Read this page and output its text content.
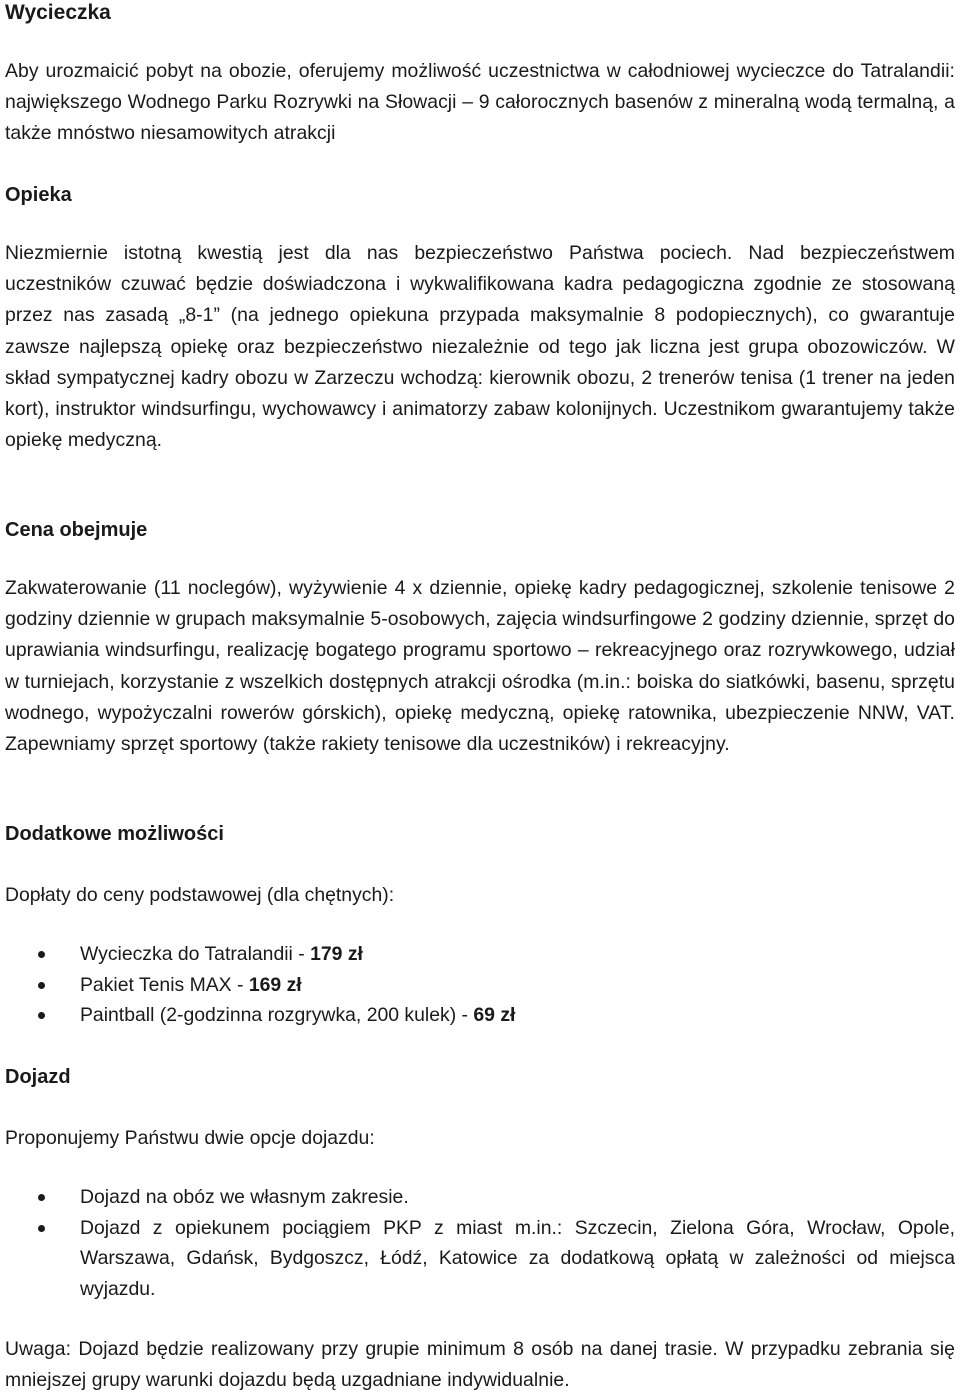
Wycieczka

Aby urozmaicić pobyt na obozie, oferujemy możliwość uczestnictwa w całodniowej wycieczce do Tatralandii: największego Wodnego Parku Rozrywki na Słowacji – 9 całorocznych basenów z mineralną wodą termalną, a także mnóstwo niesamowitych atrakcji

Opieka

Niezmiernie istotną kwestią jest dla nas bezpieczeństwo Państwa pociech. Nad bezpieczeństwem uczestników czuwać będzie doświadczona i wykwalifikowana kadra pedagogiczna zgodnie ze stosowaną przez nas zasadą „8-1” (na jednego opiekuna przypada maksymalnie 8 podopiecznych), co gwarantuje zawsze najlepszą opiekę oraz bezpieczeństwo niezależnie od tego jak liczna jest grupa obozowiczów. W skład sympatycznej kadry obozu w Zarzeczu wchodzą: kierownik obozu, 2 trenerów tenisa (1 trener na jeden kort), instruktor windsurfingu, wychowawcy i animatorzy zabaw kolonijnych. Uczestnikom gwarantujemy także opiekę medyczną.

Cena obejmuje

Zakwaterowanie (11 noclegów), wyżywienie 4 x dziennie, opiekę kadry pedagogicznej, szkolenie tenisowe 2 godziny dziennie w grupach maksymalnie 5-osobowych, zajęcia windsurfingowe 2 godziny dziennie, sprzęt do uprawiania windsurfingu, realizację bogatego programu sportowo – rekreacyjnego oraz rozrywkowego, udział w turniejach, korzystanie z wszelkich dostępnych atrakcji ośrodka (m.in.: boiska do siatkówki, basenu, sprzętu wodnego, wypożyczalni rowerów górskich), opiekę medyczną, opiekę ratownika, ubezpieczenie NNW, VAT. Zapewniamy sprzęt sportowy (także rakiety tenisowe dla uczestników) i rekreacyjny.

Dodatkowe możliwości

Dopłaty do ceny podstawowej (dla chętnych):

Wycieczka do Tatralandii - 179 zł
Pakiet Tenis MAX - 169 zł
Paintball (2-godzinna rozgrywka, 200 kulek) - 69 zł
Dojazd

Proponujemy Państwu dwie opcje dojazdu:

Dojazd na obóz we własnym zakresie.
Dojazd z opiekunem pociągiem PKP z miast m.in.: Szczecin, Zielona Góra, Wrocław, Opole, Warszawa, Gdańsk, Bydgoszcz, Łódź, Katowice za dodatkową opłatą w zależności od miejsca wyjazdu.

Uwaga: Dojazd będzie realizowany przy grupie minimum 8 osób na danej trasie. W przypadku zebrania się mniejszej grupy warunki dojazdu będą uzgadniane indywidualnie.
